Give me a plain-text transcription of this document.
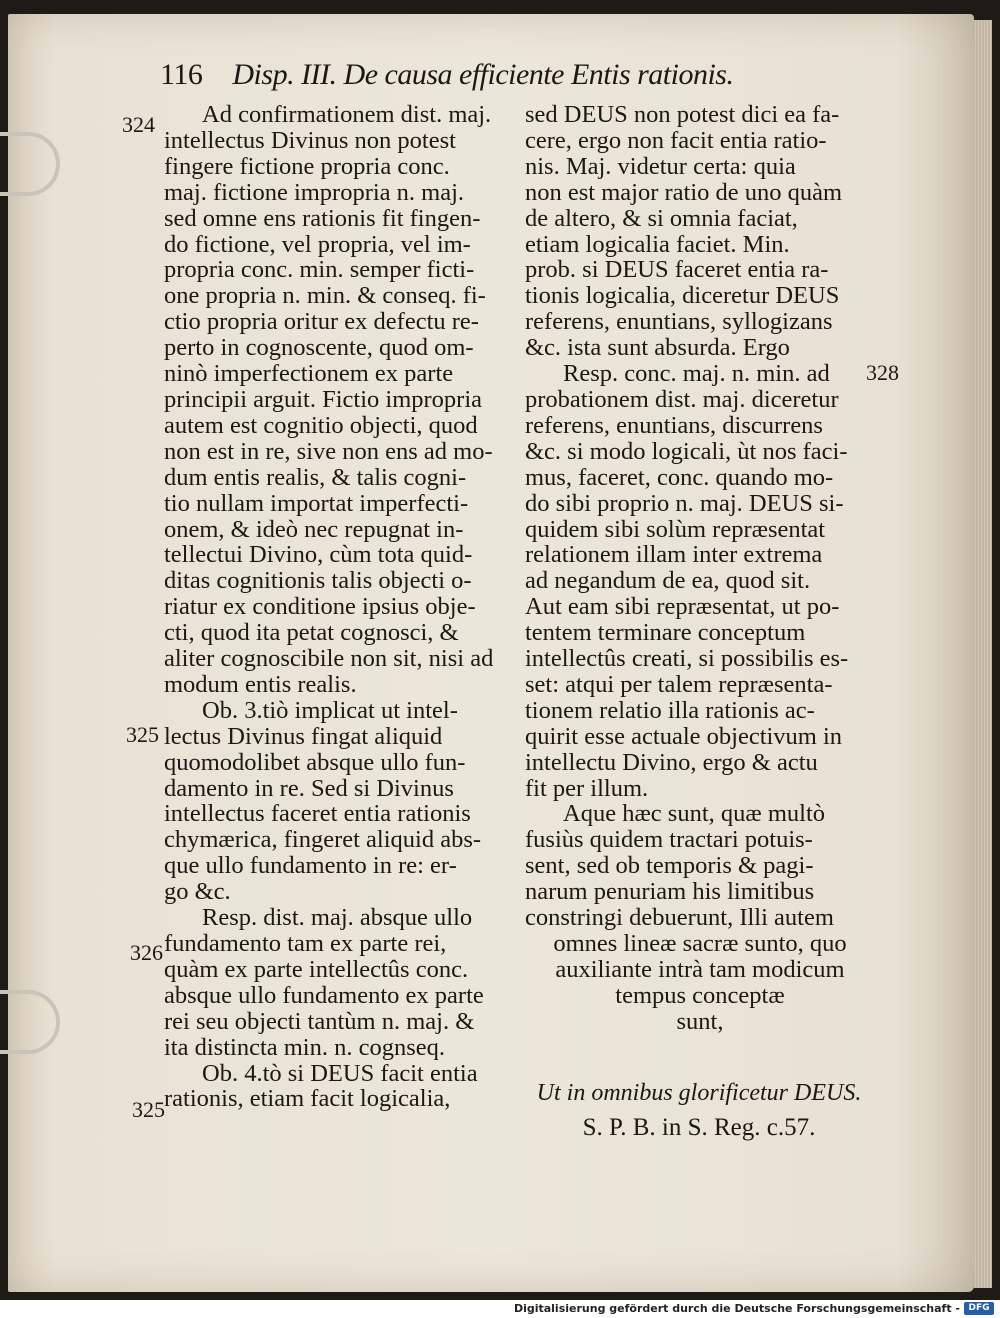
116 Disp. III. De causa efficiente Entis rationis.
324
325
326
325
328
Ad confirmationem dist. maj.
intellectus Divinus non potest
fingere fictione propria conc.
maj. fictione impropria n. maj.
sed omne ens rationis fit fingen-
do fictione, vel propria, vel im-
propria conc. min. semper ficti-
one propria n. min. & conseq. fi-
ctio propria oritur ex defectu re-
perto in cognoscente, quod om-
ninò imperfectionem ex parte
principii arguit. Fictio impropria
autem est cognitio objecti, quod
non est in re, sive non ens ad mo-
dum entis realis, & talis cogni-
tio nullam importat imperfecti-
onem, & ideò nec repugnat in-
tellectui Divino, cùm tota quid-
ditas cognitionis talis objecti o-
riatur ex conditione ipsius obje-
cti, quod ita petat cognosci, &
aliter cognoscibile non sit, nisi ad
modum entis realis.
Ob. 3.tiò implicat ut intel-
lectus Divinus fingat aliquid
quomodolibet absque ullo fun-
damento in re. Sed si Divinus
intellectus faceret entia rationis
chymærica, fingeret aliquid abs-
que ullo fundamento in re: er-
go &c.
Resp. dist. maj. absque ullo
fundamento tam ex parte rei,
quàm ex parte intellectûs conc.
absque ullo fundamento ex parte
rei seu objecti tantùm n. maj. &
ita distincta min. n. cognseq.
Ob. 4.tò si DEUS facit entia
rationis, etiam facit logicalia,
sed DEUS non potest dici ea fa-
cere, ergo non facit entia ratio-
nis. Maj. videtur certa: quia
non est major ratio de uno quàm
de altero, & si omnia faciat,
etiam logicalia faciet. Min.
prob. si DEUS faceret entia ra-
tionis logicalia, diceretur DEUS
referens, enuntians, syllogizans
&c. ista sunt absurda. Ergo
Resp. conc. maj. n. min. ad
probationem dist. maj. diceretur
referens, enuntians, discurrens
&c. si modo logicali, ùt nos faci-
mus, faceret, conc. quando mo-
do sibi proprio n. maj. DEUS si-
quidem sibi solùm repræsentat
relationem illam inter extrema
ad negandum de ea, quod sit.
Aut eam sibi repræsentat, ut po-
tentem terminare conceptum
intellectûs creati, si possibilis es-
set: atqui per talem repræsenta-
tionem relatio illa rationis ac-
quirit esse actuale objectivum in
intellectu Divino, ergo & actu
fit per illum.
Aque hæc sunt, quæ multò
fusiùs quidem tractari potuis-
sent, sed ob temporis & pagi-
narum penuriam his limitibus
constringi debuerunt, Illi autem
omnes lineæ sacræ sunto, quo
auxiliante intrà tam modicum
tempus conceptæ
sunt,
Ut in omnibus glorificetur DEUS.
S. P. B. in S. Reg. c.57.
Digitalisierung gefördert durch die Deutsche Forschungsgemeinschaft - DFG
